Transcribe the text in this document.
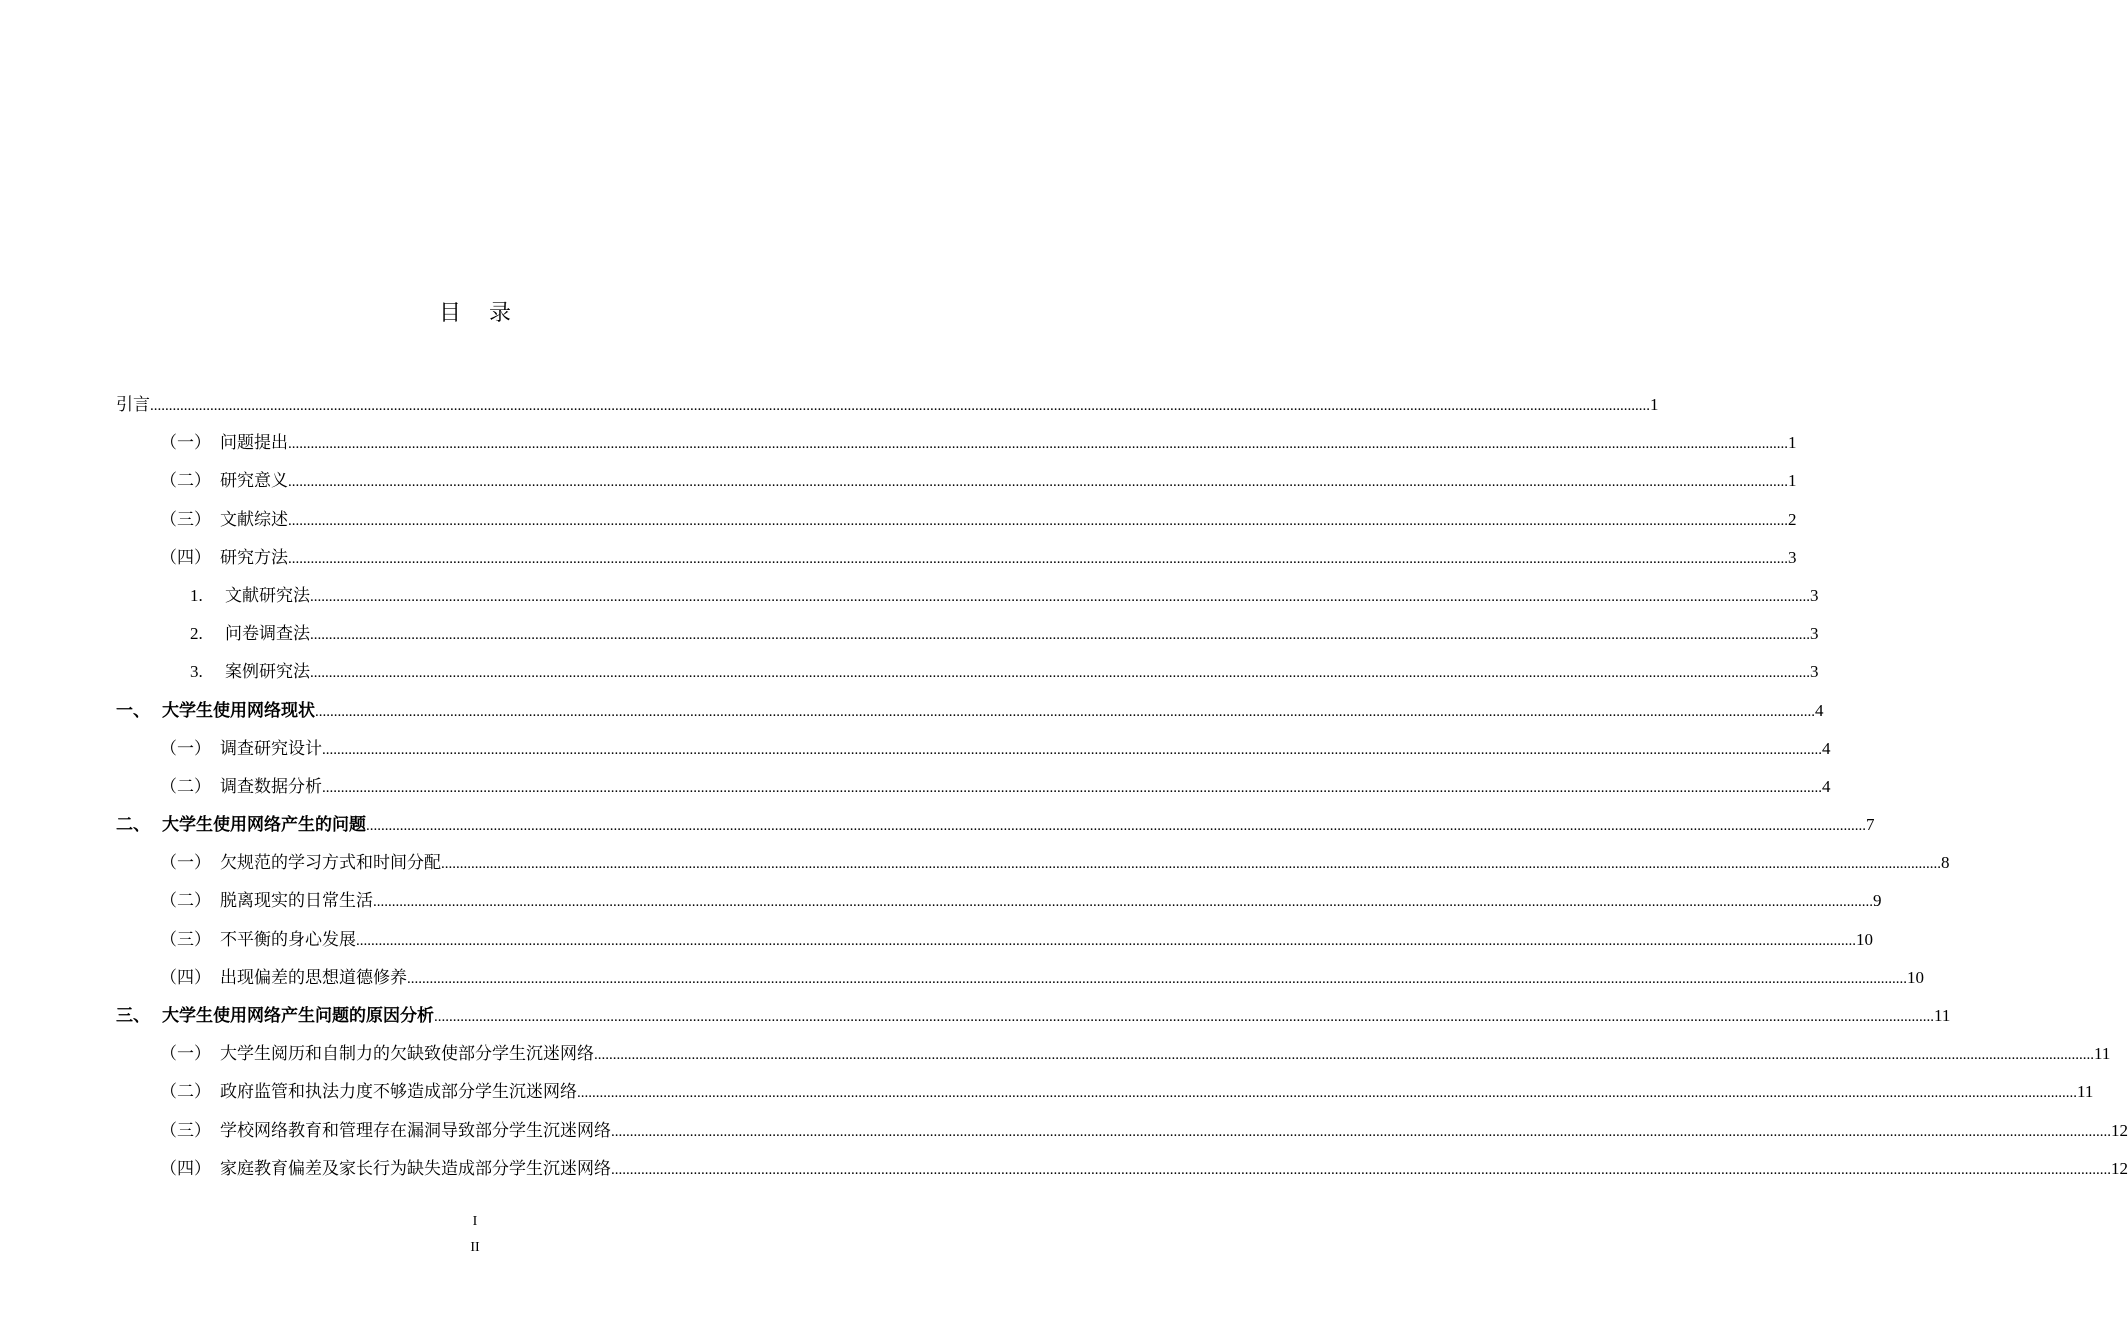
目 录
引言 ................................................................................................................................................................................................................................................................................................................................................................................................................ 1
（一） 问题提出 ................................................................................................................................................................................................................................................................................................................................................................................................................ 1
（二） 研究意义 ................................................................................................................................................................................................................................................................................................................................................................................................................ 1
（三） 文献综述 ................................................................................................................................................................................................................................................................................................................................................................................................................ 2
（四） 研究方法 ................................................................................................................................................................................................................................................................................................................................................................................................................ 3
1.	文献研究法 ................................................................................................................................................................................................................................................................................................................................................................................................................ 3
2.	问卷调查法 ................................................................................................................................................................................................................................................................................................................................................................................................................ 3
3.	案例研究法 ................................................................................................................................................................................................................................................................................................................................................................................................................ 3
一、 大学生使用网络现状 ................................................................................................................................................................................................................................................................................................................................................................................................................ 4
（一） 调查研究设计 ................................................................................................................................................................................................................................................................................................................................................................................................................ 4
（二） 调查数据分析 ................................................................................................................................................................................................................................................................................................................................................................................................................ 4
二、 大学生使用网络产生的问题 ................................................................................................................................................................................................................................................................................................................................................................................................................ 7
（一） 欠规范的学习方式和时间分配 ................................................................................................................................................................................................................................................................................................................................................................................................................ 8
（二） 脱离现实的日常生活 ................................................................................................................................................................................................................................................................................................................................................................................................................ 9
（三） 不平衡的身心发展 ................................................................................................................................................................................................................................................................................................................................................................................................................ 10
（四） 出现偏差的思想道德修养 ................................................................................................................................................................................................................................................................................................................................................................................................................ 10
三、 大学生使用网络产生问题的原因分析 ................................................................................................................................................................................................................................................................................................................................................................................................................ 11
（一） 大学生阅历和自制力的欠缺致使部分学生沉迷网络 ................................................................................................................................................................................................................................................................................................................................................................................................................ 11
（二） 政府监管和执法力度不够造成部分学生沉迷网络 ................................................................................................................................................................................................................................................................................................................................................................................................................ 11
（三） 学校网络教育和管理存在漏洞导致部分学生沉迷网络 ................................................................................................................................................................................................................................................................................................................................................................................................................ 12
（四） 家庭教育偏差及家长行为缺失造成部分学生沉迷网络 ................................................................................................................................................................................................................................................................................................................................................................................................................ 12
I
II
